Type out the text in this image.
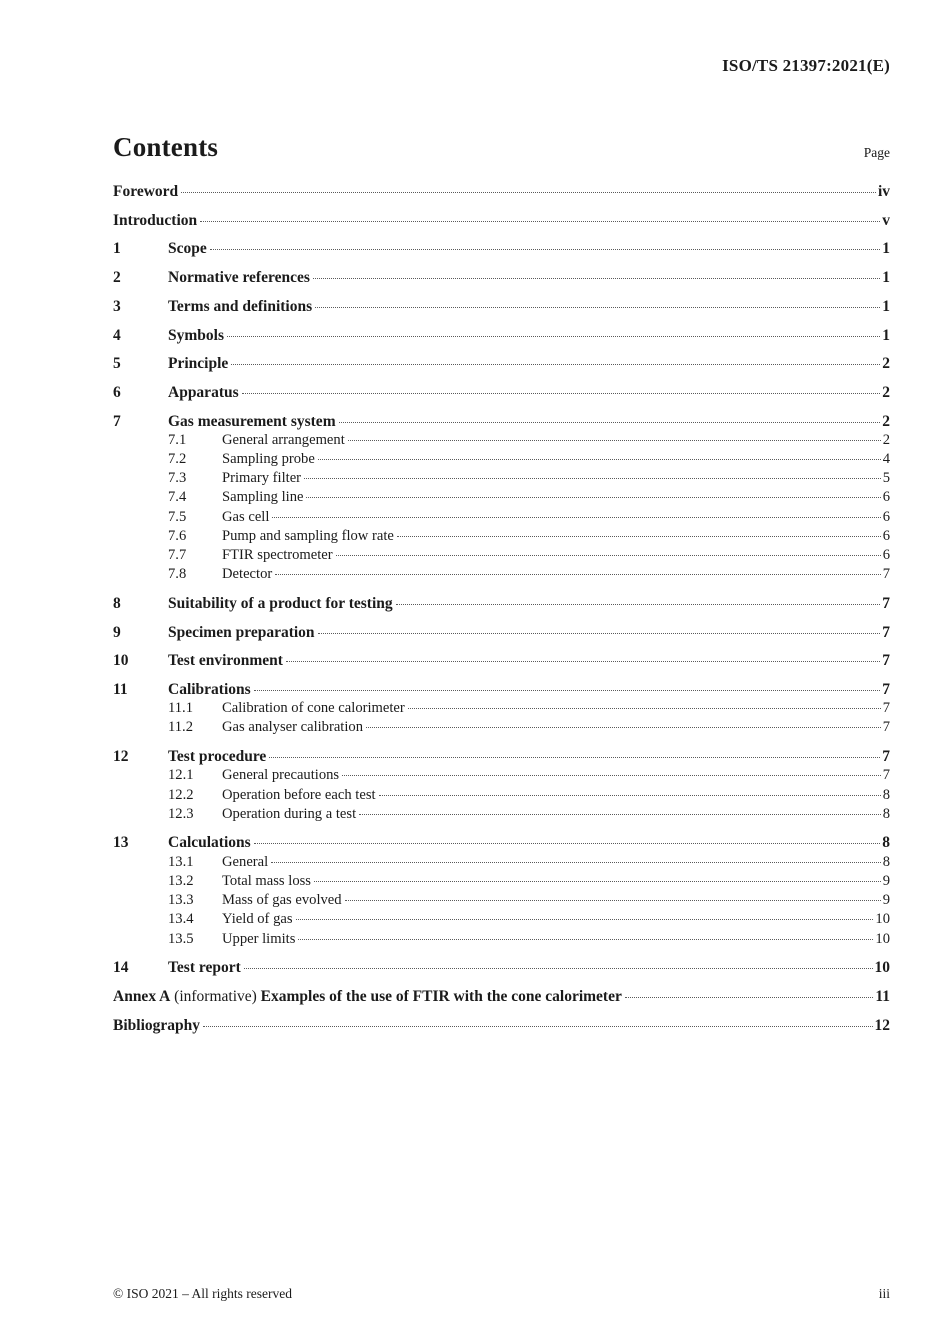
ISO/TS 21397:2021(E)
Contents	Page
Foreword	iv
Introduction	v
1	Scope	1
2	Normative references	1
3	Terms and definitions	1
4	Symbols	1
5	Principle	2
6	Apparatus	2
7	Gas measurement system	2
7.1	General arrangement	2
7.2	Sampling probe	4
7.3	Primary filter	5
7.4	Sampling line	6
7.5	Gas cell	6
7.6	Pump and sampling flow rate	6
7.7	FTIR spectrometer	6
7.8	Detector	7
8	Suitability of a product for testing	7
9	Specimen preparation	7
10	Test environment	7
11	Calibrations	7
11.1	Calibration of cone calorimeter	7
11.2	Gas analyser calibration	7
12	Test procedure	7
12.1	General precautions	7
12.2	Operation before each test	8
12.3	Operation during a test	8
13	Calculations	8
13.1	General	8
13.2	Total mass loss	9
13.3	Mass of gas evolved	9
13.4	Yield of gas	10
13.5	Upper limits	10
14	Test report	10
Annex A (informative) Examples of the use of FTIR with the cone calorimeter	11
Bibliography	12
© ISO 2021 – All rights reserved	iii
